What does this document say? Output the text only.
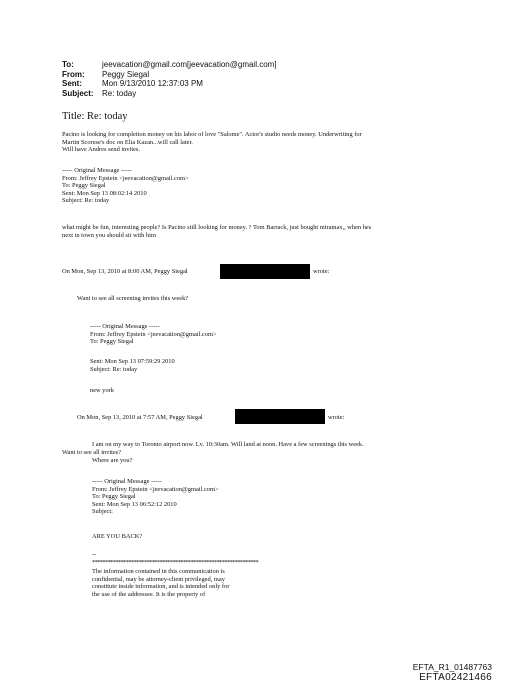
To:	jeevacation@gmail.com[jeevacation@gmail.com]
From:	Peggy Siegal
Sent:	Mon 9/13/2010 12:37:03 PM
Subject:	Re: today
Title: Re: today
Pacino is looking for completion money on his labor of love "Salome". Actor's studio needs money. Underwriting for
Martin Scorese's doc on Elia Kazan...will call later.
Will have Andres send invites.
----- Original Message -----
From: Jeffrey Epstein <jeevacation@gmail.com>
To: Peggy Siegal
Sent: Mon Sep 13 08:02:14 2010
Subject: Re: today
what might be fun, interesting people? Is Pacino still looking for money. ? Tom Barrack, just bought miramax,, when hes
next in town you should sit with him
On Mon, Sep 13, 2010 at 8:00 AM, Peggy Siegal	wrote:
Want to see all screening invites this week?
----- Original Message -----
From: Jeffrey Epstein <jeevacation@gmail.com>
To: Peggy Siegal
Sent: Mon Sep 13 07:59:29 2010
Subject: Re: today
new york
On Mon, Sep 13, 2010 at 7:57 AM, Peggy Siegal	wrote:
I am on my way to Toronto airport now. Lv. 10:30am. Will land at noon. Have a few screenings this week.
Want to see all invites?
Where are you?
----- Original Message -----
From: Jeffrey Epstein <jeevacation@gmail.com>
To: Peggy Siegal
Sent: Mon Sep 13 06:52:12 2010
Subject:
ARE YOU BACK?
--
****************************************************************
The information contained in this communication is
confidential, may be attorney-client privileged, may
constitute inside information, and is intended only for
the use of the addressee. It is the property of
EFTA_R1_01487763
EFTA02421466
